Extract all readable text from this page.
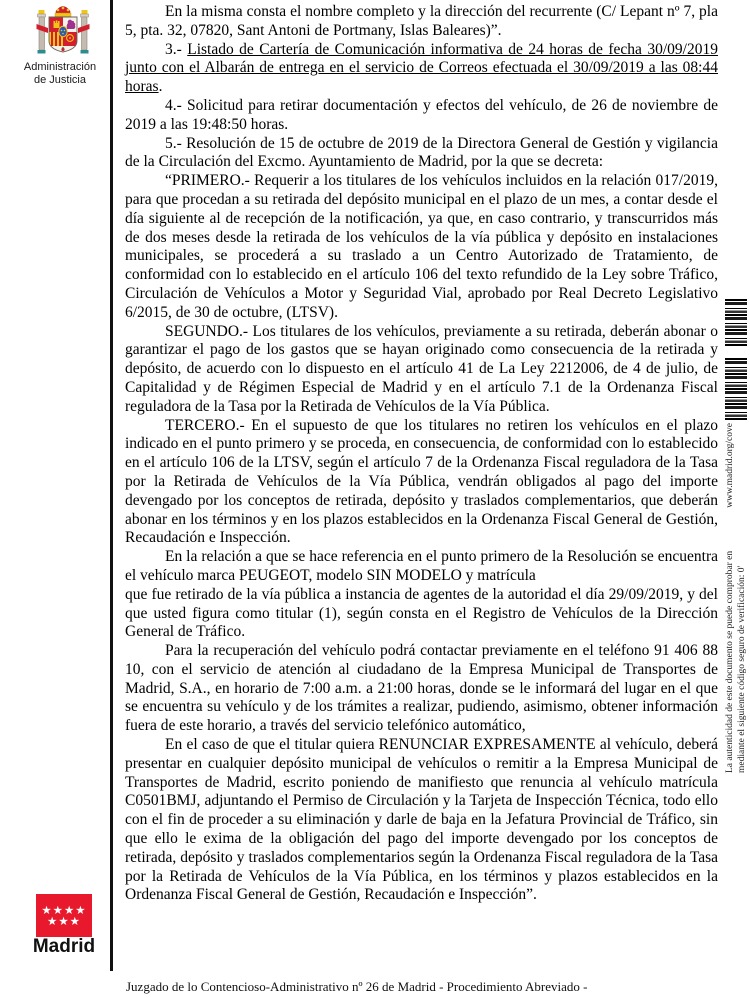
Administración
de Justicia

En la misma consta el nombre completo y la dirección del recurrente (C/ Lepant nº 7, pla 5, pta. 32, 07820, Sant Antoni de Portmany, Islas Baleares)”.

3.- Listado de Cartería de Comunicación informativa de 24 horas de fecha 30/09/2019 junto con el Albarán de entrega en el servicio de Correos efectuada el 30/09/2019 a las 08:44 horas.

4.- Solicitud para retirar documentación y efectos del vehículo, de 26 de noviembre de 2019 a las 19:48:50 horas.

5.- Resolución de 15 de octubre de 2019 de la Directora General de Gestión y vigilancia de la Circulación del Excmo. Ayuntamiento de Madrid, por la que se decreta:

“PRIMERO.- Requerir a los titulares de los vehículos incluidos en la relación 017/2019, para que procedan a su retirada del depósito municipal en el plazo de un mes, a contar desde el día siguiente al de recepción de la notificación, ya que, en caso contrario, y transcurridos más de dos meses desde la retirada de los vehículos de la vía pública y depósito en instalaciones municipales, se procederá a su traslado a un Centro Autorizado de Tratamiento, de conformidad con lo establecido en el artículo 106 del texto refundido de la Ley sobre Tráfico, Circulación de Vehículos a Motor y Seguridad Vial, aprobado por Real Decreto Legislativo 6/2015, de 30 de octubre, (LTSV).

SEGUNDO.- Los titulares de los vehículos, previamente a su retirada, deberán abonar o garantizar el pago de los gastos que se hayan originado como consecuencia de la retirada y depósito, de acuerdo con lo dispuesto en el artículo 41 de La Ley 2212006, de 4 de julio, de Capitalidad y de Régimen Especial de Madrid y en el artículo 7.1 de la Ordenanza Fiscal reguladora de la Tasa por la Retirada de Vehículos de la Vía Pública.

TERCERO.- En el supuesto de que los titulares no retiren los vehículos en el plazo indicado en el punto primero y se proceda, en consecuencia, de conformidad con lo establecido en el artículo 106 de la LTSV, según el artículo 7 de la Ordenanza Fiscal reguladora de la Tasa por la Retirada de Vehículos de la Vía Pública, vendrán obligados al pago del importe devengado por los conceptos de retirada, depósito y traslados complementarios, que deberán abonar en los términos y en los plazos establecidos en la Ordenanza Fiscal General de Gestión, Recaudación e Inspección.

En la relación a que se hace referencia en el punto primero de la Resolución se encuentra el vehículo marca PEUGEOT, modelo SIN MODELO y matrícula
que fue retirado de la vía pública a instancia de agentes de la autoridad el día 29/09/2019, y del que usted figura como titular (1), según consta en el Registro de Vehículos de la Dirección General de Tráfico.

Para la recuperación del vehículo podrá contactar previamente en el teléfono 91 406 88 10, con el servicio de atención al ciudadano de la Empresa Municipal de Transportes de Madrid, S.A., en horario de 7:00 a.m. a 21:00 horas, donde se le informará del lugar en el que se encuentra su vehículo y de los trámites a realizar, pudiendo, asimismo, obtener información fuera de este horario, a través del servicio telefónico automático,

En el caso de que el titular quiera RENUNCIAR EXPRESAMENTE al vehículo, deberá presentar en cualquier depósito municipal de vehículos o remitir a la Empresa Municipal de Transportes de Madrid, escrito poniendo de manifiesto que renuncia al vehículo matrícula C0501BMJ, adjuntando el Permiso de Circulación y la Tarjeta de Inspección Técnica, todo ello con el fin de proceder a su eliminación y darle de baja en la Jefatura Provincial de Tráfico, sin que ello le exima de la obligación del pago del importe devengado por los conceptos de retirada, depósito y traslados complementarios según la Ordenanza Fiscal reguladora de la Tasa por la Retirada de Vehículos de la Vía Pública, en los términos y plazos establecidos en la Ordenanza Fiscal General de Gestión, Recaudación e Inspección”.

La autenticidad de este documento se puede comprobar en
www.madrid.org/cove
mediante el siguiente código seguro de verificación: 0'
★★★★
★★★
Madrid
Juzgado de lo Contencioso-Administrativo nº 26 de Madrid - Procedimiento Abreviado -
